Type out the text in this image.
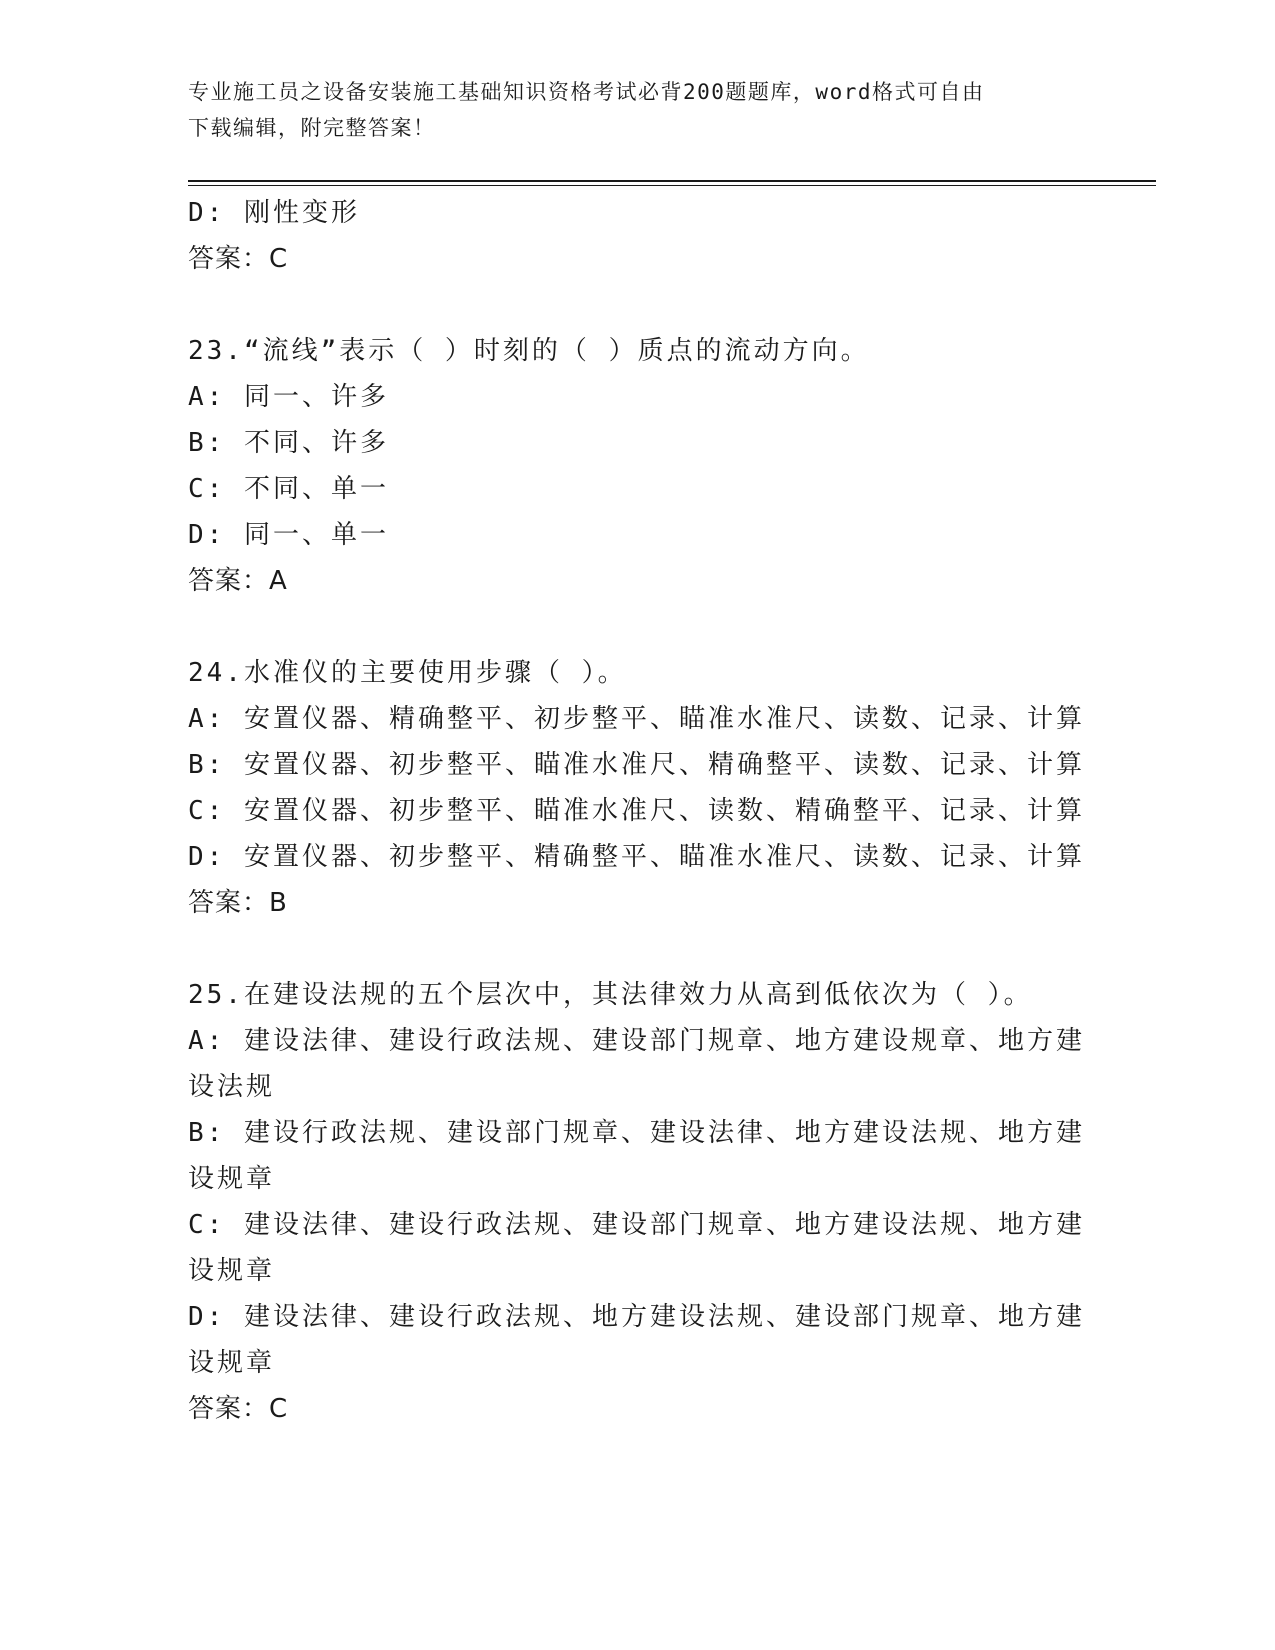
专业施工员之设备安装施工基础知识资格考试必背200题题库，word格式可自由
下载编辑，附完整答案！
D: 刚性变形
答案：C
23.“流线”表示（ ）时刻的（ ）质点的流动方向。
A: 同一、许多
B: 不同、许多
C: 不同、单一
D: 同一、单一
答案：A
24.水准仪的主要使用步骤（ ）。
A: 安置仪器、精确整平、初步整平、瞄准水准尺、读数、记录、计算
B: 安置仪器、初步整平、瞄准水准尺、精确整平、读数、记录、计算
C: 安置仪器、初步整平、瞄准水准尺、读数、精确整平、记录、计算
D: 安置仪器、初步整平、精确整平、瞄准水准尺、读数、记录、计算
答案：B
25.在建设法规的五个层次中，其法律效力从高到低依次为（ ）。
A: 建设法律、建设行政法规、建设部门规章、地方建设规章、地方建
设法规
B: 建设行政法规、建设部门规章、建设法律、地方建设法规、地方建
设规章
C: 建设法律、建设行政法规、建设部门规章、地方建设法规、地方建
设规章
D: 建设法律、建设行政法规、地方建设法规、建设部门规章、地方建
设规章
答案：C
